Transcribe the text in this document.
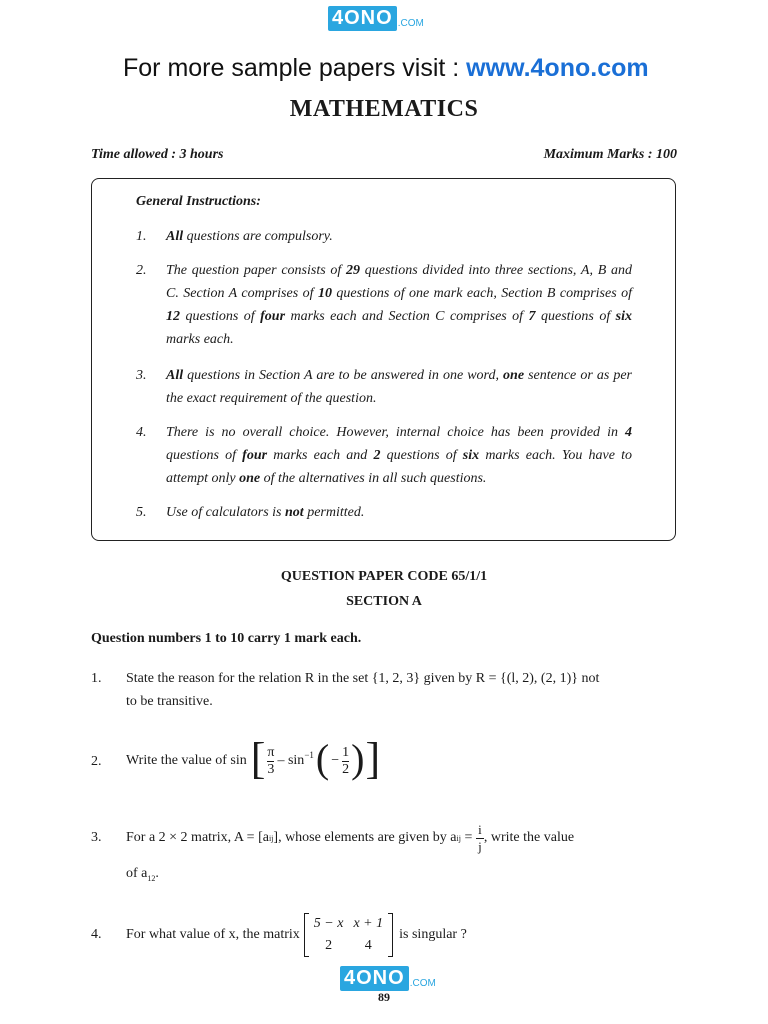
4ONO .COM
For more sample papers visit : www.4ono.com
MATHEMATICS
Time allowed : 3 hours	Maximum Marks : 100
General Instructions:
1. All questions are compulsory.
2. The question paper consists of 29 questions divided into three sections, A, B and C. Section A comprises of 10 questions of one mark each, Section B comprises of 12 questions of four marks each and Section C comprises of 7 questions of six marks each.
3. All questions in Section A are to be answered in one word, one sentence or as per the exact requirement of the question.
4. There is no overall choice. However, internal choice has been provided in 4 questions of four marks each and 2 questions of six marks each. You have to attempt only one of the alternatives in all such questions.
5. Use of calculators is not permitted.
QUESTION PAPER CODE 65/1/1
SECTION A
Question numbers 1 to 10 carry 1 mark each.
1. State the reason for the relation R in the set {1, 2, 3} given by R = {(l, 2), (2, 1)} not
to be transitive.
2. Write the value of sin [ $\frac{\pi}{3} - \sin^{-1}$ ( − $\frac{1}{2}$ ) ]
3. For a 2 × 2 matrix, A = [a ij ], whose elements are given by a ij = $\frac{i}{j}$ , write the value
of $a_{12}$.
4. For what value of x, the matrix
5 − x x + 1
2	4
is singular ?
4ONO .COM
89
